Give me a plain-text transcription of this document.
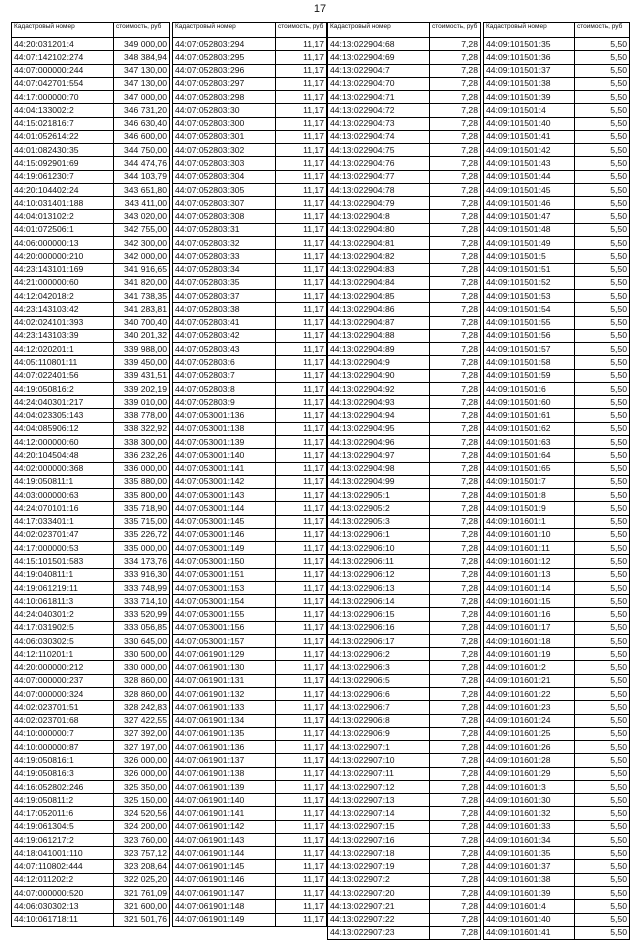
17
Кадастровый номер	стоимость, руб
44:20:031201:4	349 000,00
44:07:142102:274	348 384,94
44:07:000000:244	347 130,00
44:07:042701:554	347 130,00
44:17:000000:70	347 000,00
44:04:133002:2	346 731,20
44:15:021816:7	346 630,40
44:01:052614:22	346 600,00
44:01:082430:35	344 750,00
44:15:092901:69	344 474,76
44:19:061230:7	344 103,79
44:20:104402:24	343 651,80
44:10:031401:188	343 411,00
44:04:013102:2	343 020,00
44:01:072506:1	342 755,00
44:06:000000:13	342 300,00
44:20:000000:210	342 000,00
44:23:143101:169	341 916,65
44:21:000000:60	341 820,00
44:12:042018:2	341 738,35
44:23:143103:42	341 283,81
44:02:024101:393	340 700,40
44:23:143103:39	340 201,32
44:12:020201:1	339 988,00
44:05:110801:11	339 450,00
44:07:022401:56	339 431,51
44:19:050816:2	339 202,19
44:24:040301:217	339 010,00
44:04:023305:143	338 778,00
44:04:085906:12	338 322,92
44:12:000000:60	338 300,00
44:20:104504:48	336 232,26
44:02:000000:368	336 000,00
44:19:050811:1	335 880,00
44:03:000000:63	335 800,00
44:24:070101:16	335 718,90
44:17:033401:1	335 715,00
44:02:023701:47	335 226,72
44:17:000000:53	335 000,00
44:15:101501:583	334 173,76
44:19:040811:1	333 916,30
44:19:061219:11	333 748,99
44:10:061811:3	333 714,10
44:24:040301:2	333 520,99
44:17:031902:5	333 056,85
44:06:030302:5	330 645,00
44:12:110201:1	330 500,00
44:20:000000:212	330 000,00
44:07:000000:237	328 860,00
44:07:000000:324	328 860,00
44:02:023701:51	328 242,83
44:02:023701:68	327 422,55
44:10:000000:7	327 392,00
44:10:000000:87	327 197,00
44:19:050816:1	326 000,00
44:19:050816:3	326 000,00
44:16:052802:246	325 350,00
44:19:050811:2	325 150,00
44:17:052011:6	324 520,56
44:19:061304:5	324 200,00
44:19:061217:2	323 760,00
44:18:041001:110	323 757,12
44:07:110802:444	323 208,64
44:12:011202:2	322 025,20
44:07:000000:520	321 761,09
44:06:030302:13	321 600,00
44:10:061718:11	321 501,76
Кадастровый номер	стоимость, руб
44:07:052803:294	11,17
44:07:052803:295	11,17
44:07:052803:296	11,17
44:07:052803:297	11,17
44:07:052803:298	11,17
44:07:052803:30	11,17
44:07:052803:300	11,17
44:07:052803:301	11,17
44:07:052803:302	11,17
44:07:052803:303	11,17
44:07:052803:304	11,17
44:07:052803:305	11,17
44:07:052803:307	11,17
44:07:052803:308	11,17
44:07:052803:31	11,17
44:07:052803:32	11,17
44:07:052803:33	11,17
44:07:052803:34	11,17
44:07:052803:35	11,17
44:07:052803:37	11,17
44:07:052803:38	11,17
44:07:052803:41	11,17
44:07:052803:42	11,17
44:07:052803:43	11,17
44:07:052803:6	11,17
44:07:052803:7	11,17
44:07:052803:8	11,17
44:07:052803:9	11,17
44:07:053001:136	11,17
44:07:053001:138	11,17
44:07:053001:139	11,17
44:07:053001:140	11,17
44:07:053001:141	11,17
44:07:053001:142	11,17
44:07:053001:143	11,17
44:07:053001:144	11,17
44:07:053001:145	11,17
44:07:053001:146	11,17
44:07:053001:149	11,17
44:07:053001:150	11,17
44:07:053001:151	11,17
44:07:053001:153	11,17
44:07:053001:154	11,17
44:07:053001:155	11,17
44:07:053001:156	11,17
44:07:053001:157	11,17
44:07:061901:129	11,17
44:07:061901:130	11,17
44:07:061901:131	11,17
44:07:061901:132	11,17
44:07:061901:133	11,17
44:07:061901:134	11,17
44:07:061901:135	11,17
44:07:061901:136	11,17
44:07:061901:137	11,17
44:07:061901:138	11,17
44:07:061901:139	11,17
44:07:061901:140	11,17
44:07:061901:141	11,17
44:07:061901:142	11,17
44:07:061901:143	11,17
44:07:061901:144	11,17
44:07:061901:145	11,17
44:07:061901:146	11,17
44:07:061901:147	11,17
44:07:061901:148	11,17
44:07:061901:149	11,17
Кадастровый номер	стоимость, руб
44:13:022904:68	7,28
44:13:022904:69	7,28
44:13:022904:7	7,28
44:13:022904:70	7,28
44:13:022904:71	7,28
44:13:022904:72	7,28
44:13:022904:73	7,28
44:13:022904:74	7,28
44:13:022904:75	7,28
44:13:022904:76	7,28
44:13:022904:77	7,28
44:13:022904:78	7,28
44:13:022904:79	7,28
44:13:022904:8	7,28
44:13:022904:80	7,28
44:13:022904:81	7,28
44:13:022904:82	7,28
44:13:022904:83	7,28
44:13:022904:84	7,28
44:13:022904:85	7,28
44:13:022904:86	7,28
44:13:022904:87	7,28
44:13:022904:88	7,28
44:13:022904:89	7,28
44:13:022904:9	7,28
44:13:022904:90	7,28
44:13:022904:92	7,28
44:13:022904:93	7,28
44:13:022904:94	7,28
44:13:022904:95	7,28
44:13:022904:96	7,28
44:13:022904:97	7,28
44:13:022904:98	7,28
44:13:022904:99	7,28
44:13:022905:1	7,28
44:13:022905:2	7,28
44:13:022905:3	7,28
44:13:022906:1	7,28
44:13:022906:10	7,28
44:13:022906:11	7,28
44:13:022906:12	7,28
44:13:022906:13	7,28
44:13:022906:14	7,28
44:13:022906:15	7,28
44:13:022906:16	7,28
44:13:022906:17	7,28
44:13:022906:2	7,28
44:13:022906:3	7,28
44:13:022906:5	7,28
44:13:022906:6	7,28
44:13:022906:7	7,28
44:13:022906:8	7,28
44:13:022906:9	7,28
44:13:022907:1	7,28
44:13:022907:10	7,28
44:13:022907:11	7,28
44:13:022907:12	7,28
44:13:022907:13	7,28
44:13:022907:14	7,28
44:13:022907:15	7,28
44:13:022907:16	7,28
44:13:022907:18	7,28
44:13:022907:19	7,28
44:13:022907:2	7,28
44:13:022907:20	7,28
44:13:022907:21	7,28
44:13:022907:22	7,28
44:13:022907:23	7,28
Кадастровый номер	стоимость, руб
44:09:101501:35	5,50
44:09:101501:36	5,50
44:09:101501:37	5,50
44:09:101501:38	5,50
44:09:101501:39	5,50
44:09:101501:4	5,50
44:09:101501:40	5,50
44:09:101501:41	5,50
44:09:101501:42	5,50
44:09:101501:43	5,50
44:09:101501:44	5,50
44:09:101501:45	5,50
44:09:101501:46	5,50
44:09:101501:47	5,50
44:09:101501:48	5,50
44:09:101501:49	5,50
44:09:101501:5	5,50
44:09:101501:51	5,50
44:09:101501:52	5,50
44:09:101501:53	5,50
44:09:101501:54	5,50
44:09:101501:55	5,50
44:09:101501:56	5,50
44:09:101501:57	5,50
44:09:101501:58	5,50
44:09:101501:59	5,50
44:09:101501:6	5,50
44:09:101501:60	5,50
44:09:101501:61	5,50
44:09:101501:62	5,50
44:09:101501:63	5,50
44:09:101501:64	5,50
44:09:101501:65	5,50
44:09:101501:7	5,50
44:09:101501:8	5,50
44:09:101501:9	5,50
44:09:101601:1	5,50
44:09:101601:10	5,50
44:09:101601:11	5,50
44:09:101601:12	5,50
44:09:101601:13	5,50
44:09:101601:14	5,50
44:09:101601:15	5,50
44:09:101601:16	5,50
44:09:101601:17	5,50
44:09:101601:18	5,50
44:09:101601:19	5,50
44:09:101601:2	5,50
44:09:101601:21	5,50
44:09:101601:22	5,50
44:09:101601:23	5,50
44:09:101601:24	5,50
44:09:101601:25	5,50
44:09:101601:26	5,50
44:09:101601:28	5,50
44:09:101601:29	5,50
44:09:101601:3	5,50
44:09:101601:30	5,50
44:09:101601:32	5,50
44:09:101601:33	5,50
44:09:101601:34	5,50
44:09:101601:35	5,50
44:09:101601:37	5,50
44:09:101601:38	5,50
44:09:101601:39	5,50
44:09:101601:4	5,50
44:09:101601:40	5,50
44:09:101601:41	5,50
